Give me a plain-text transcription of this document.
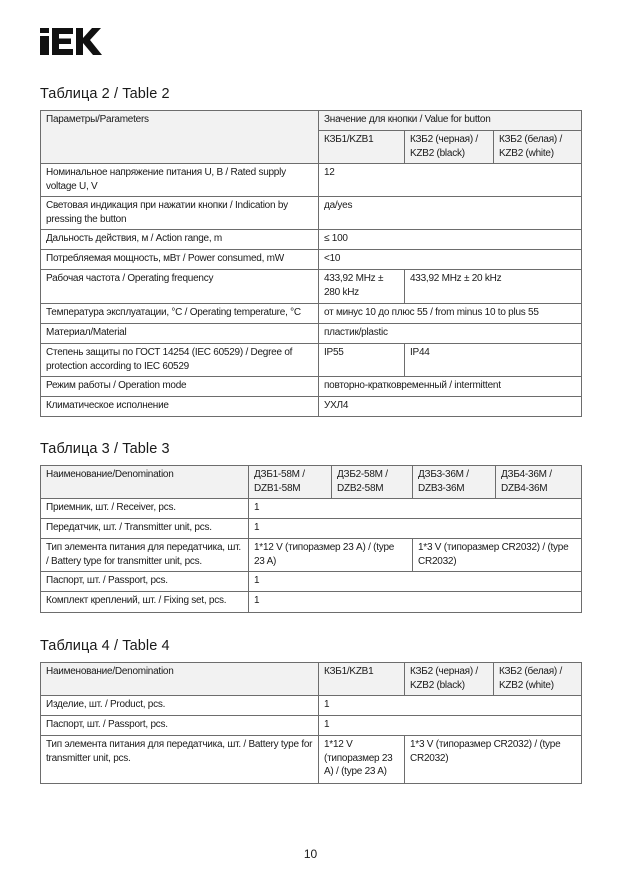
Таблица 2 / Table 2
Параметры/Parameters	Значение для кнопки / Value for button		
	КЗБ1/KZB1	КЗБ2 (черная) / KZB2 (black)	КЗБ2 (белая) / KZB2 (white)
Номинальное напряжение питания U, В / Rated supply voltage U, V	12		
Световая индикация при нажатии кнопки / Indication by pressing the button	да/yes		
Дальность действия, м / Action range, m	≤ 100		
Потребляемая мощность, мВт / Power consumed, mW	<10		
Рабочая частота / Operating frequency	433,92 MHz ± 280 kHz	433,92 MHz ± 20 kHz	
Температура эксплуатации, °С / Operating temperature, °С	от минус 10 до плюс 55 / from minus 10 to plus 55		
Материал/Material	пластик/plastic		
Степень защиты по ГОСТ 14254 (IEC 60529) / Degree of protection according to IEC 60529	IP55	IP44	
Режим работы / Operation mode	повторно-кратковременный / intermittent		
Климатическое исполнение	УХЛ4		
Таблица 3 / Table 3
Наименование/Denomination	ДЗБ1-58М / DZB1-58M	ДЗБ2-58М / DZB2-58M	ДЗБ3-36М / DZB3-36M	ДЗБ4-36М / DZB4-36M
Приемник, шт. / Receiver, pcs.	1			
Передатчик, шт. / Transmitter unit, pcs.	1			
Тип элемента питания для передатчика, шт. / Battery type for transmitter unit, pcs.	1*12 V (типоразмер 23 А) / (type 23 A)		1*3 V (типоразмер CR2032) / (type CR2032)	
Паспорт, шт. / Passport, pcs.	1			
Комплект креплений, шт. / Fixing set, pcs.	1			
Таблица 4 / Table 4
Наименование/Denomination	КЗБ1/KZB1	КЗБ2 (черная) / KZB2 (black)	КЗБ2 (белая) / KZB2 (white)
Изделие, шт. / Product, pcs.	1		
Паспорт, шт. / Passport, pcs.	1		
Тип элемента питания для передатчика, шт. / Battery type for transmitter unit, pcs.	1*12 V (типоразмер 23 А) / (type 23 A)	1*3 V (типоразмер CR2032) / (type CR2032)	
10
